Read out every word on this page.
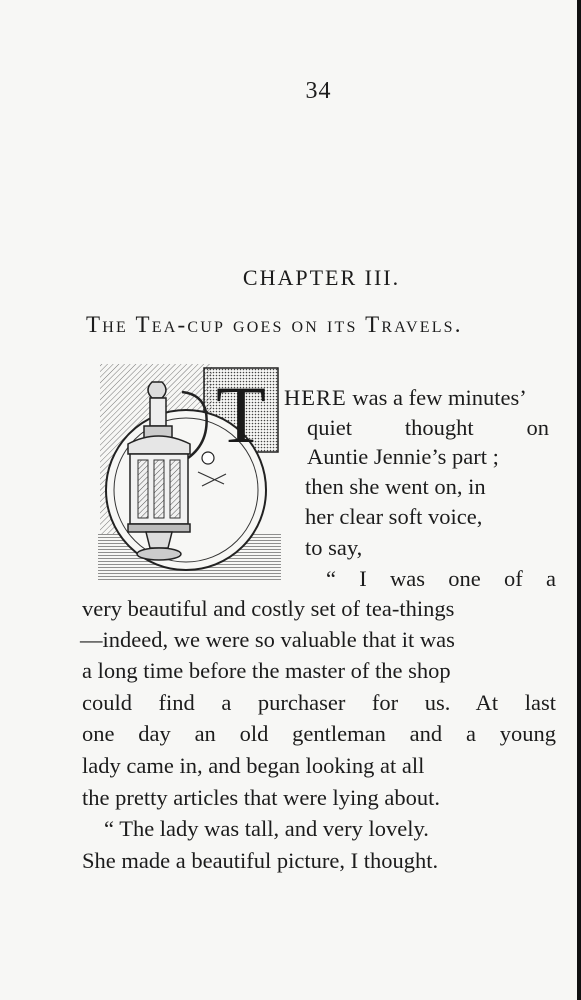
34
CHAPTER III.
The Tea-cup goes on its Travels.
T HERE was a few minutes’
quiet thought on
Auntie Jennie’s part ;
then she went on, in
her clear soft voice,
to say,
“ I was one of a
very beautiful and costly set of tea-things
—indeed, we were so valuable that it was
a long time before the master of the shop
could find a purchaser for us. At last
one day an old gentleman and a young
lady came in, and began looking at all
the pretty articles that were lying about.
“ The lady was tall, and very lovely.
She made a beautiful picture, I thought.
